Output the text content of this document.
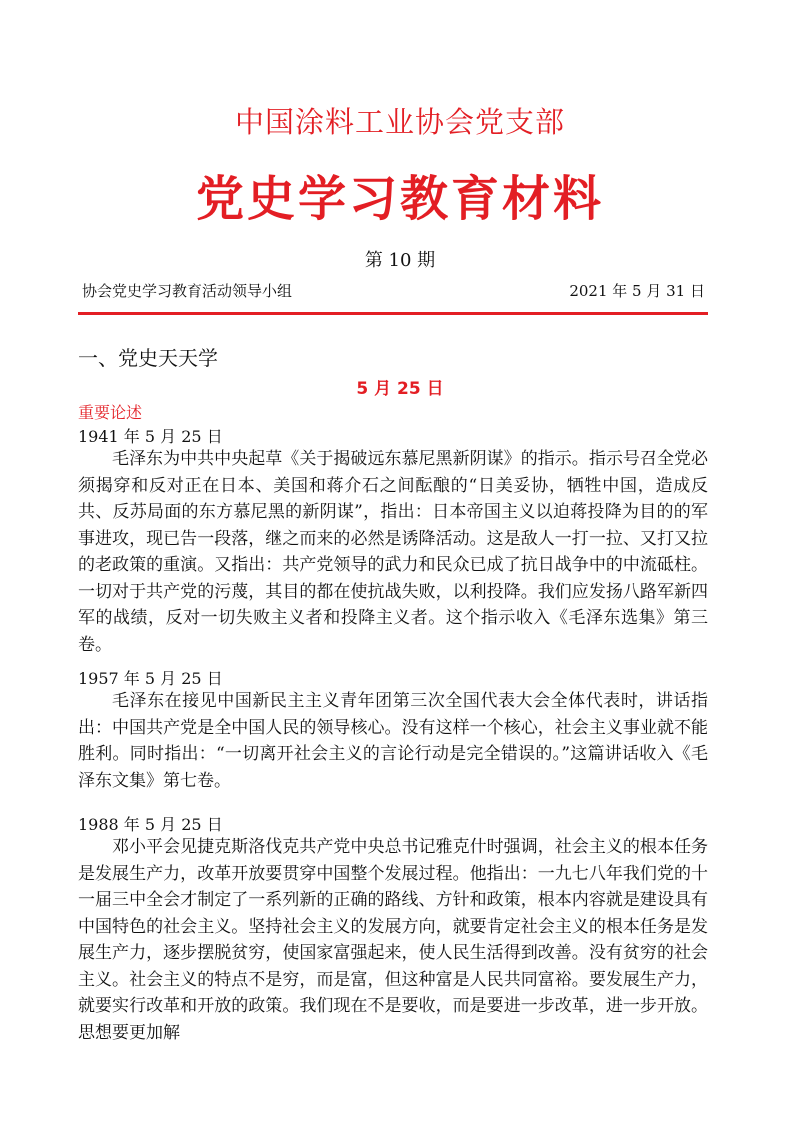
中国涂料工业协会党支部
党史学习教育材料
第 10 期
协会党史学习教育活动领导小组	2021 年 5 月 31 日
一、党史天天学
5 月 25 日
重要论述
1941 年 5 月 25 日
毛泽东为中共中央起草《关于揭破远东慕尼黑新阴谋》的指示。指示号召全党必须揭穿和反对正在日本、美国和蒋介石之间酝酿的“日美妥协，牺牲中国，造成反共、反苏局面的东方慕尼黑的新阴谋”，指出：日本帝国主义以迫蒋投降为目的的军事进攻，现已告一段落，继之而来的必然是诱降活动。这是敌人一打一拉、又打又拉的老政策的重演。又指出：共产党领导的武力和民众已成了抗日战争中的中流砥柱。一切对于共产党的污蔑，其目的都在使抗战失败，以利投降。我们应发扬八路军新四军的战绩，反对一切失败主义者和投降主义者。这个指示收入《毛泽东选集》第三卷。
1957 年 5 月 25 日
毛泽东在接见中国新民主主义青年团第三次全国代表大会全体代表时，讲话指出：中国共产党是全中国人民的领导核心。没有这样一个核心，社会主义事业就不能胜利。同时指出：“一切离开社会主义的言论行动是完全错误的。”这篇讲话收入《毛泽东文集》第七卷。
1988 年 5 月 25 日
邓小平会见捷克斯洛伐克共产党中央总书记雅克什时强调，社会主义的根本任务是发展生产力，改革开放要贯穿中国整个发展过程。他指出：一九七八年我们党的十一届三中全会才制定了一系列新的正确的路线、方针和政策，根本内容就是建设具有中国特色的社会主义。坚持社会主义的发展方向，就要肯定社会主义的根本任务是发展生产力，逐步摆脱贫穷，使国家富强起来，使人民生活得到改善。没有贫穷的社会主义。社会主义的特点不是穷，而是富，但这种富是人民共同富裕。要发展生产力，就要实行改革和开放的政策。我们现在不是要收，而是要进一步改革，进一步开放。思想要更加解
